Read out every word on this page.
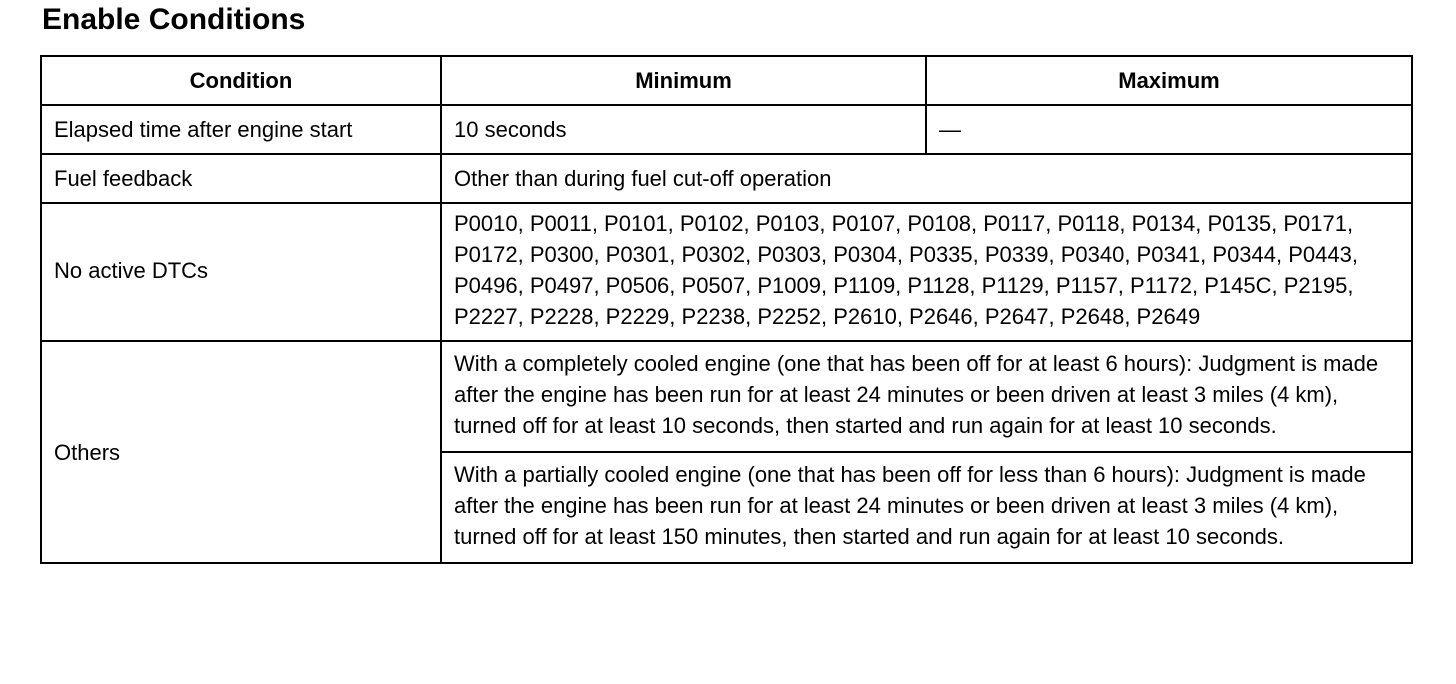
Enable Conditions
Condition	Minimum	Maximum
Elapsed time after engine start	10 seconds	—
Fuel feedback	Other than during fuel cut-off operation	
No active DTCs	P0010, P0011, P0101, P0102, P0103, P0107, P0108, P0117, P0118, P0134, P0135, P0171, P0172, P0300, P0301, P0302, P0303, P0304, P0335, P0339, P0340, P0341, P0344, P0443, P0496, P0497, P0506, P0507, P1009, P1109, P1128, P1129, P1157, P1172, P145C, P2195, P2227, P2228, P2229, P2238, P2252, P2610, P2646, P2647, P2648, P2649	
Others	With a completely cooled engine (one that has been off for at least 6 hours): Judgment is made after the engine has been run for at least 24 minutes or been driven at least 3 miles (4 km), turned off for at least 10 seconds, then started and run again for at least 10 seconds.	
	With a partially cooled engine (one that has been off for less than 6 hours): Judgment is made after the engine has been run for at least 24 minutes or been driven at least 3 miles (4 km), turned off for at least 150 minutes, then started and run again for at least 10 seconds.	
